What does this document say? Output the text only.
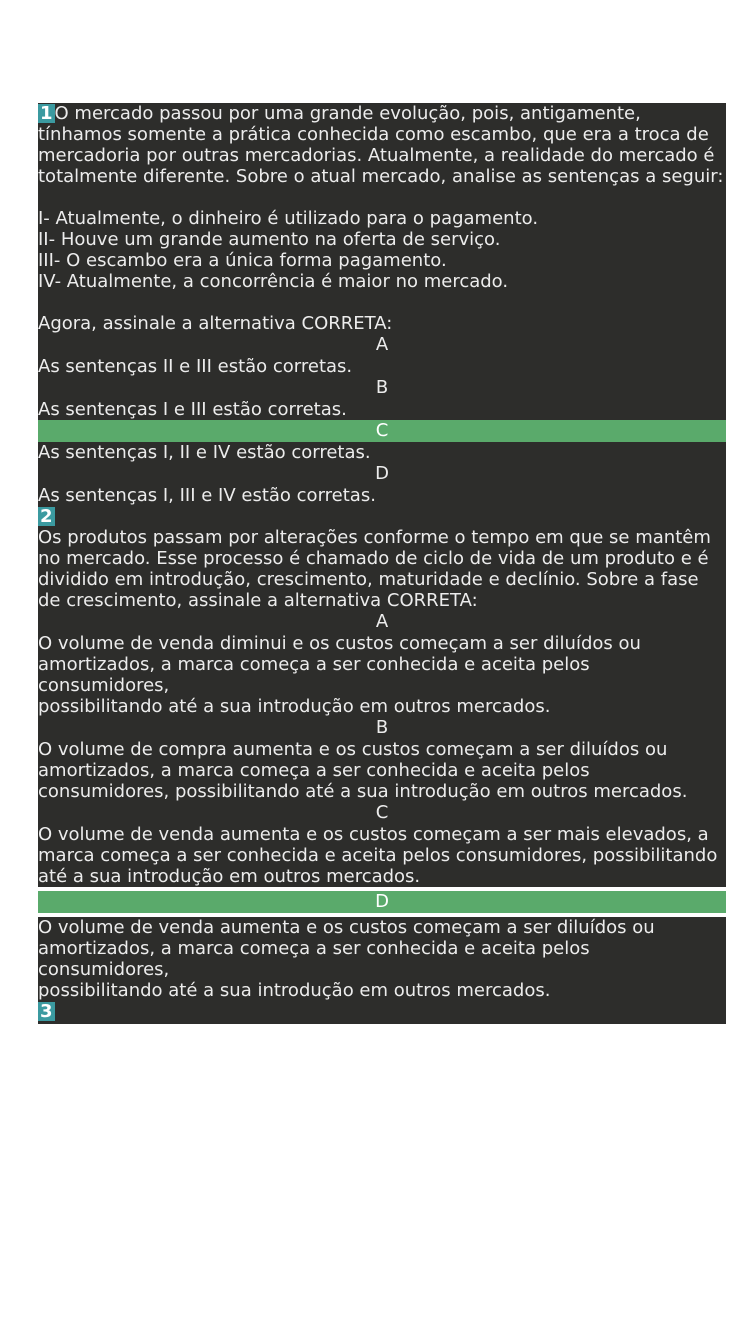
1 O mercado passou por uma grande evolução, pois, antigamente, tínhamos somente a prática conhecida como escambo, que era a troca de mercadoria por outras mercadorias. Atualmente, a realidade do mercado é totalmente diferente. Sobre o atual mercado, analise as sentenças a seguir:

I- Atualmente, o dinheiro é utilizado para o pagamento.

II- Houve um grande aumento na oferta de serviço.

III- O escambo era a única forma pagamento.

IV- Atualmente, a concorrência é maior no mercado.

Agora, assinale a alternativa CORRETA:

A

As sentenças II e III estão corretas.

B

As sentenças I e III estão corretas.

C

As sentenças I, II e IV estão corretas.

D

As sentenças I, III e IV estão corretas.

2

Os produtos passam por alterações conforme o tempo em que se mantêm no mercado. Esse processo é chamado de ciclo de vida de um produto e é dividido em introdução, crescimento, maturidade e declínio. Sobre a fase de crescimento, assinale a alternativa CORRETA:

A

O volume de venda diminui e os custos começam a ser diluídos ou amortizados, a marca começa a ser conhecida e aceita pelos consumidores,
possibilitando até a sua introdução em outros mercados.

B

O volume de compra aumenta e os custos começam a ser diluídos ou amortizados, a marca começa a ser conhecida e aceita pelos consumidores, possibilitando até a sua introdução em outros mercados.

C

O volume de venda aumenta e os custos começam a ser mais elevados, a marca começa a ser conhecida e aceita pelos consumidores, possibilitando até a sua introdução em outros mercados.

D

O volume de venda aumenta e os custos começam a ser diluídos ou amortizados, a marca começa a ser conhecida e aceita pelos consumidores,
possibilitando até a sua introdução em outros mercados.

3
